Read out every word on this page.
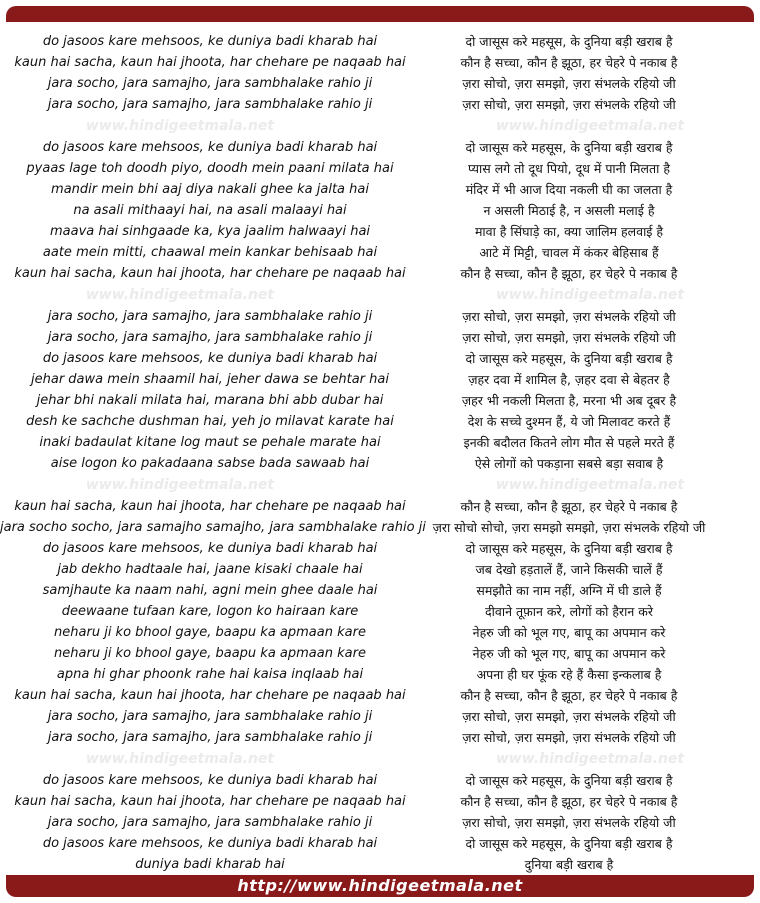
do jasoos kare mehsoos, ke duniya badi kharab hai	दो जासूस करे महसूस, के दुनिया बड़ी खराब है
kaun hai sacha, kaun hai jhoota, har chehare pe naqaab hai	कौन है सच्चा, कौन है झूठा, हर चेहरे पे नकाब है
jara socho, jara samajho, jara sambhalake rahio ji	ज़रा सोचो, ज़रा समझो, ज़रा संभलके रहियो जी
jara socho, jara samajho, jara sambhalake rahio ji	ज़रा सोचो, ज़रा समझो, ज़रा संभलके रहियो जी
www.hindigeetmala.net	www.hindigeetmala.net
do jasoos kare mehsoos, ke duniya badi kharab hai	दो जासूस करे महसूस, के दुनिया बड़ी खराब है
pyaas lage toh doodh piyo, doodh mein paani milata hai	प्यास लगे तो दूध पियो, दूध में पानी मिलता है
mandir mein bhi aaj diya nakali ghee ka jalta hai	मंदिर में भी आज दिया नकली घी का जलता है
na asali mithaayi hai, na asali malaayi hai	न असली मिठाई है, न असली मलाई है
maava hai sinhgaade ka, kya jaalim halwaayi hai	मावा है सिंघाड़े का, क्या जालिम हलवाई है
aate mein mitti, chaawal mein kankar behisaab hai	आटे में मिट्टी, चावल में कंकर बेहिसाब हैं
kaun hai sacha, kaun hai jhoota, har chehare pe naqaab hai	कौन है सच्चा, कौन है झूठा, हर चेहरे पे नकाब है
www.hindigeetmala.net	www.hindigeetmala.net
jara socho, jara samajho, jara sambhalake rahio ji	ज़रा सोचो, ज़रा समझो, ज़रा संभलके रहियो जी
jara socho, jara samajho, jara sambhalake rahio ji	ज़रा सोचो, ज़रा समझो, ज़रा संभलके रहियो जी
do jasoos kare mehsoos, ke duniya badi kharab hai	दो जासूस करे महसूस, के दुनिया बड़ी खराब है
jehar dawa mein shaamil hai, jeher dawa se behtar hai	ज़हर दवा में शामिल है, ज़हर दवा से बेहतर है
jehar bhi nakali milata hai, marana bhi abb dubar hai	ज़हर भी नकली मिलता है, मरना भी अब दूबर है
desh ke sachche dushman hai, yeh jo milavat karate hai	देश के सच्चे दुश्मन हैं, ये जो मिलावट करते हैं
inaki badaulat kitane log maut se pehale marate hai	इनकी बदौलत कितने लोग मौत से पहले मरते हैं
aise logon ko pakadaana sabse bada sawaab hai	ऐसे लोगों को पकड़ाना सबसे बड़ा सवाब है
www.hindigeetmala.net	www.hindigeetmala.net
kaun hai sacha, kaun hai jhoota, har chehare pe naqaab hai	कौन है सच्चा, कौन है झूठा, हर चेहरे पे नकाब है
jara socho socho, jara samajho samajho, jara sambhalake rahio ji ज़रा सोचो सोचो, ज़रा समझो समझो, ज़रा संभलके रहियो जी
do jasoos kare mehsoos, ke duniya badi kharab hai	दो जासूस करे महसूस, के दुनिया बड़ी खराब है
jab dekho hadtaale hai, jaane kisaki chaale hai	जब देखो हड़तालें हैं, जाने किसकी चालें हैं
samjhaute ka naam nahi, agni mein ghee daale hai	समझौते का नाम नहीं, अग्नि में घी डाले हैं
deewaane tufaan kare, logon ko hairaan kare	दीवाने तूफ़ान करे, लोगों को हैरान करे
neharu ji ko bhool gaye, baapu ka apmaan kare	नेहरु जी को भूल गए, बापू का अपमान करे
neharu ji ko bhool gaye, baapu ka apmaan kare	नेहरु जी को भूल गए, बापू का अपमान करे
apna hi ghar phoonk rahe hai kaisa inqlaab hai	अपना ही घर फूंक रहे हैं कैसा इन्कलाब है
kaun hai sacha, kaun hai jhoota, har chehare pe naqaab hai	कौन है सच्चा, कौन है झूठा, हर चेहरे पे नकाब है
jara socho, jara samajho, jara sambhalake rahio ji	ज़रा सोचो, ज़रा समझो, ज़रा संभलके रहियो जी
jara socho, jara samajho, jara sambhalake rahio ji	ज़रा सोचो, ज़रा समझो, ज़रा संभलके रहियो जी
www.hindigeetmala.net	www.hindigeetmala.net
do jasoos kare mehsoos, ke duniya badi kharab hai	दो जासूस करे महसूस, के दुनिया बड़ी खराब है
kaun hai sacha, kaun hai jhoota, har chehare pe naqaab hai	कौन है सच्चा, कौन है झूठा, हर चेहरे पे नकाब है
jara socho, jara samajho, jara sambhalake rahio ji	ज़रा सोचो, ज़रा समझो, ज़रा संभलके रहियो जी
do jasoos kare mehsoos, ke duniya badi kharab hai	दो जासूस करे महसूस, के दुनिया बड़ी खराब है
duniya badi kharab hai	दुनिया बड़ी खराब है
http://www.hindigeetmala.net
